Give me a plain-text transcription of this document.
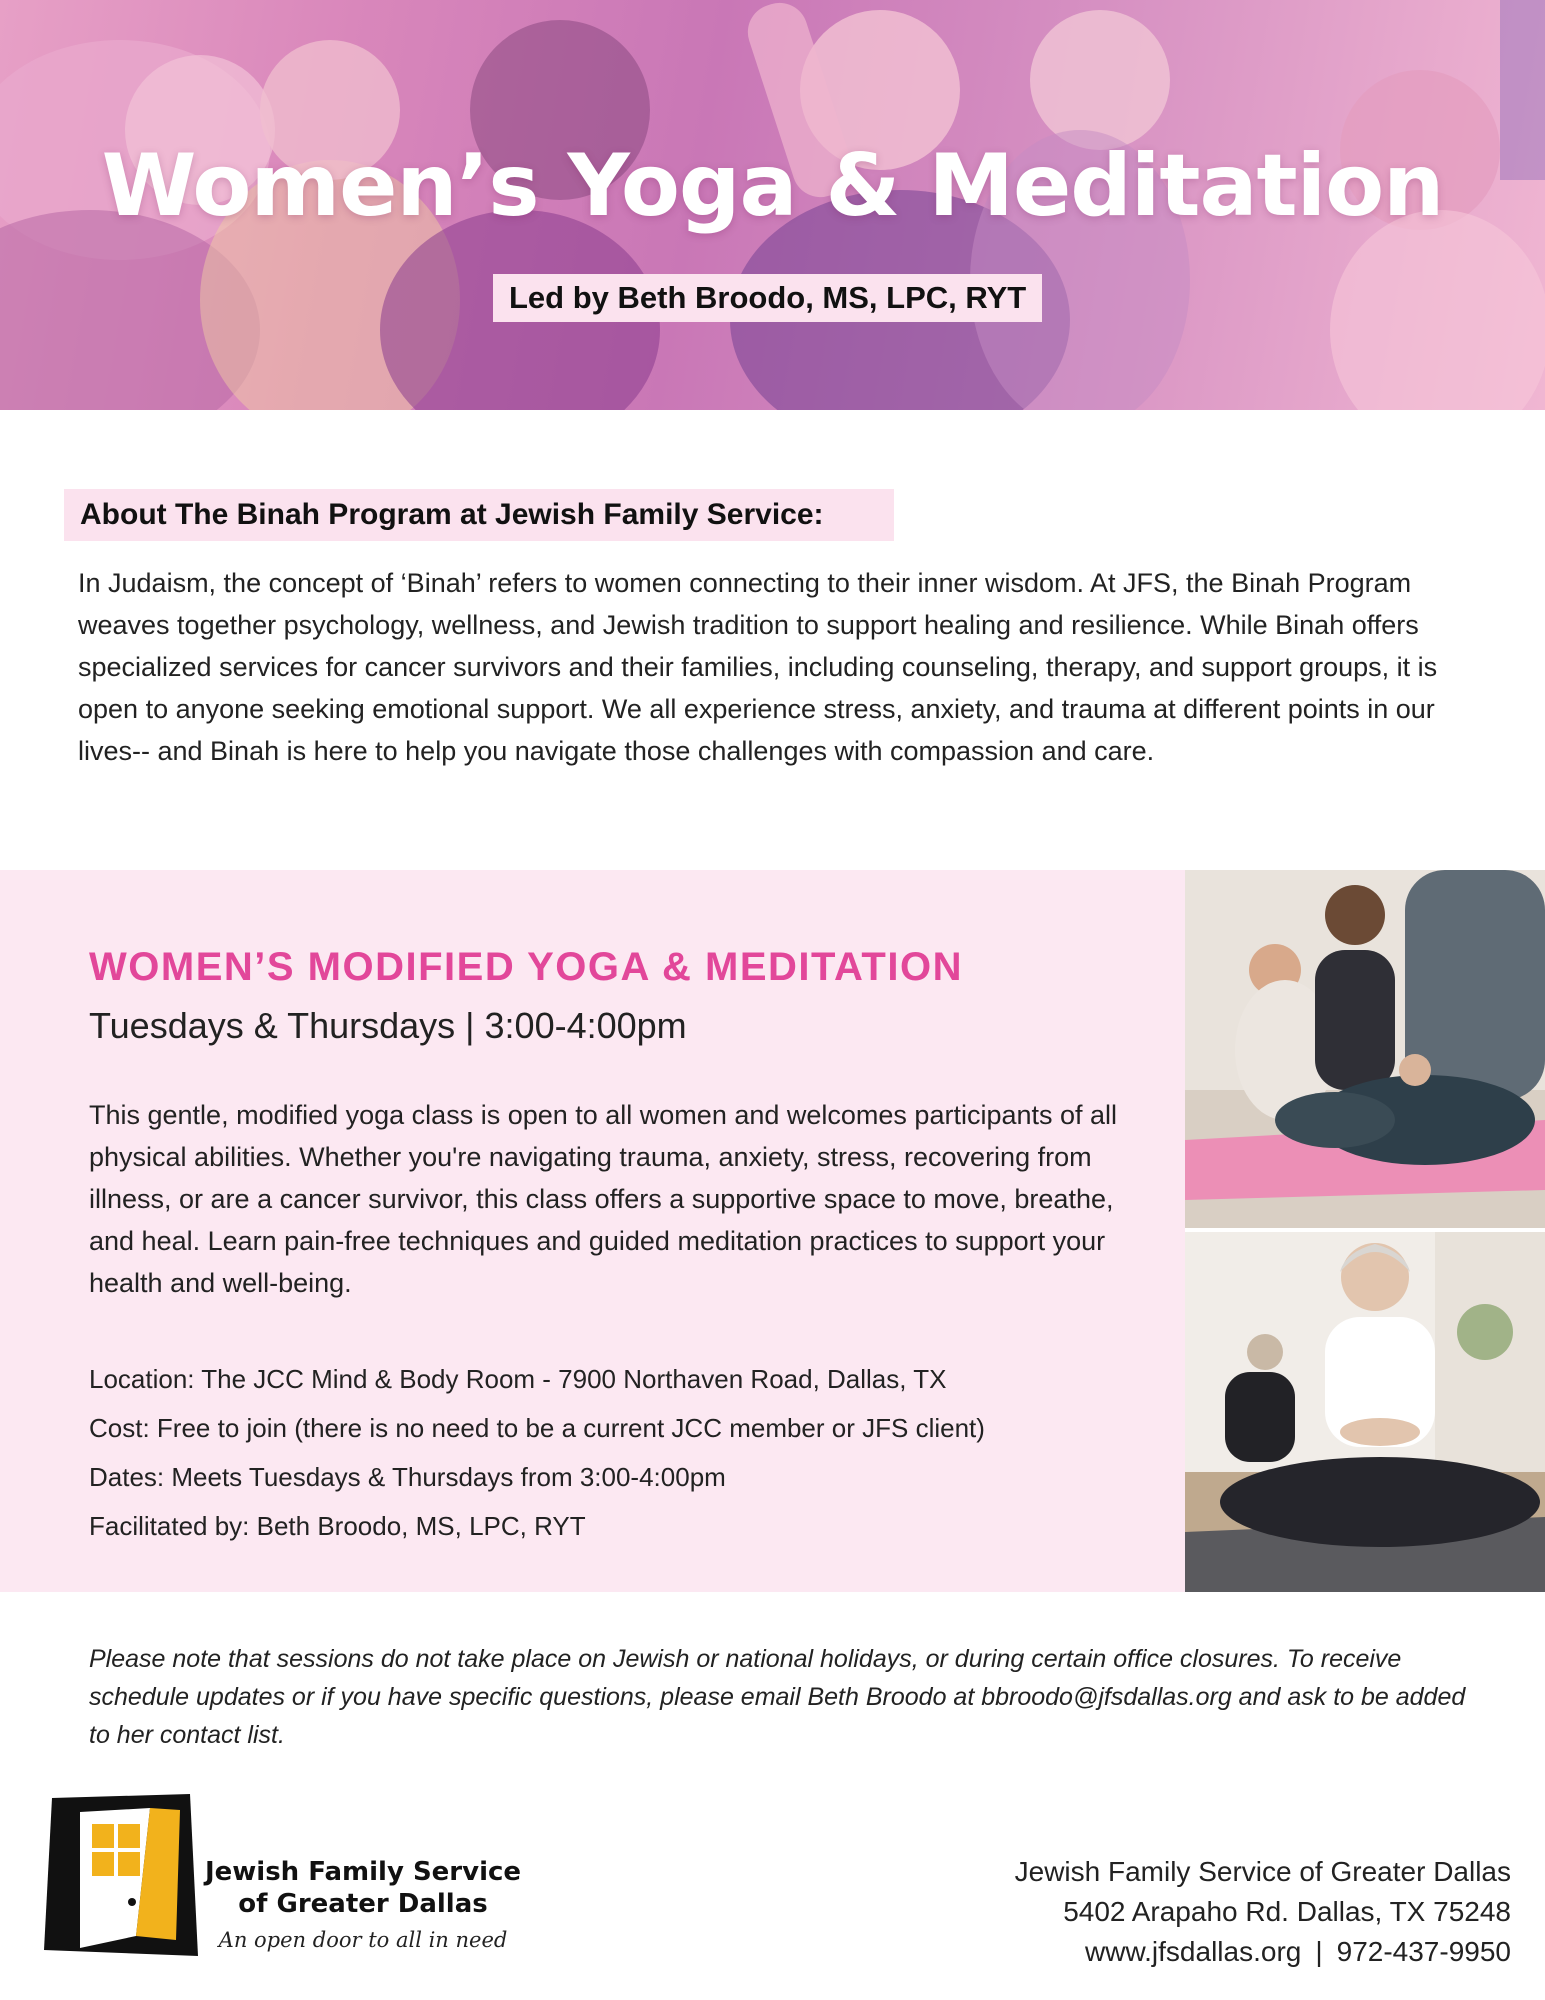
Women’s Yoga & Meditation
Led by Beth Broodo, MS, LPC, RYT
About The Binah Program at Jewish Family Service:

In Judaism, the concept of ‘Binah’ refers to women connecting to their inner wisdom. At JFS, the Binah Program weaves together psychology, wellness, and Jewish tradition to support healing and resilience. While Binah offers specialized services for cancer survivors and their families, including counseling, therapy, and support groups, it is open to anyone seeking emotional support. We all experience stress, anxiety, and trauma at different points in our lives-- and Binah is here to help you navigate those challenges with compassion and care.

WOMEN’S MODIFIED YOGA & MEDITATION
Tuesdays & Thursdays | 3:00-4:00pm

This gentle, modified yoga class is open to all women and welcomes participants of all physical abilities. Whether you're navigating trauma, anxiety, stress, recovering from illness, or are a cancer survivor, this class offers a supportive space to move, breathe, and heal. Learn pain-free techniques and guided meditation practices to support your health and well-being.

Location: The JCC Mind & Body Room - 7900 Northaven Road, Dallas, TX
Cost: Free to join (there is no need to be a current JCC member or JFS client)
Dates: Meets Tuesdays & Thursdays from 3:00-4:00pm
Facilitated by: Beth Broodo, MS, LPC, RYT

Please note that sessions do not take place on Jewish or national holidays, or during certain office closures. To receive schedule updates or if you have specific questions, please email Beth Broodo at bbroodo@jfsdallas.org and ask to be added to her contact list.

Jewish Family Service
of Greater Dallas
An open door to all in need
Jewish Family Service of Greater Dallas
5402 Arapaho Rd. Dallas, TX 75248
www.jfsdallas.org | 972-437-9950
